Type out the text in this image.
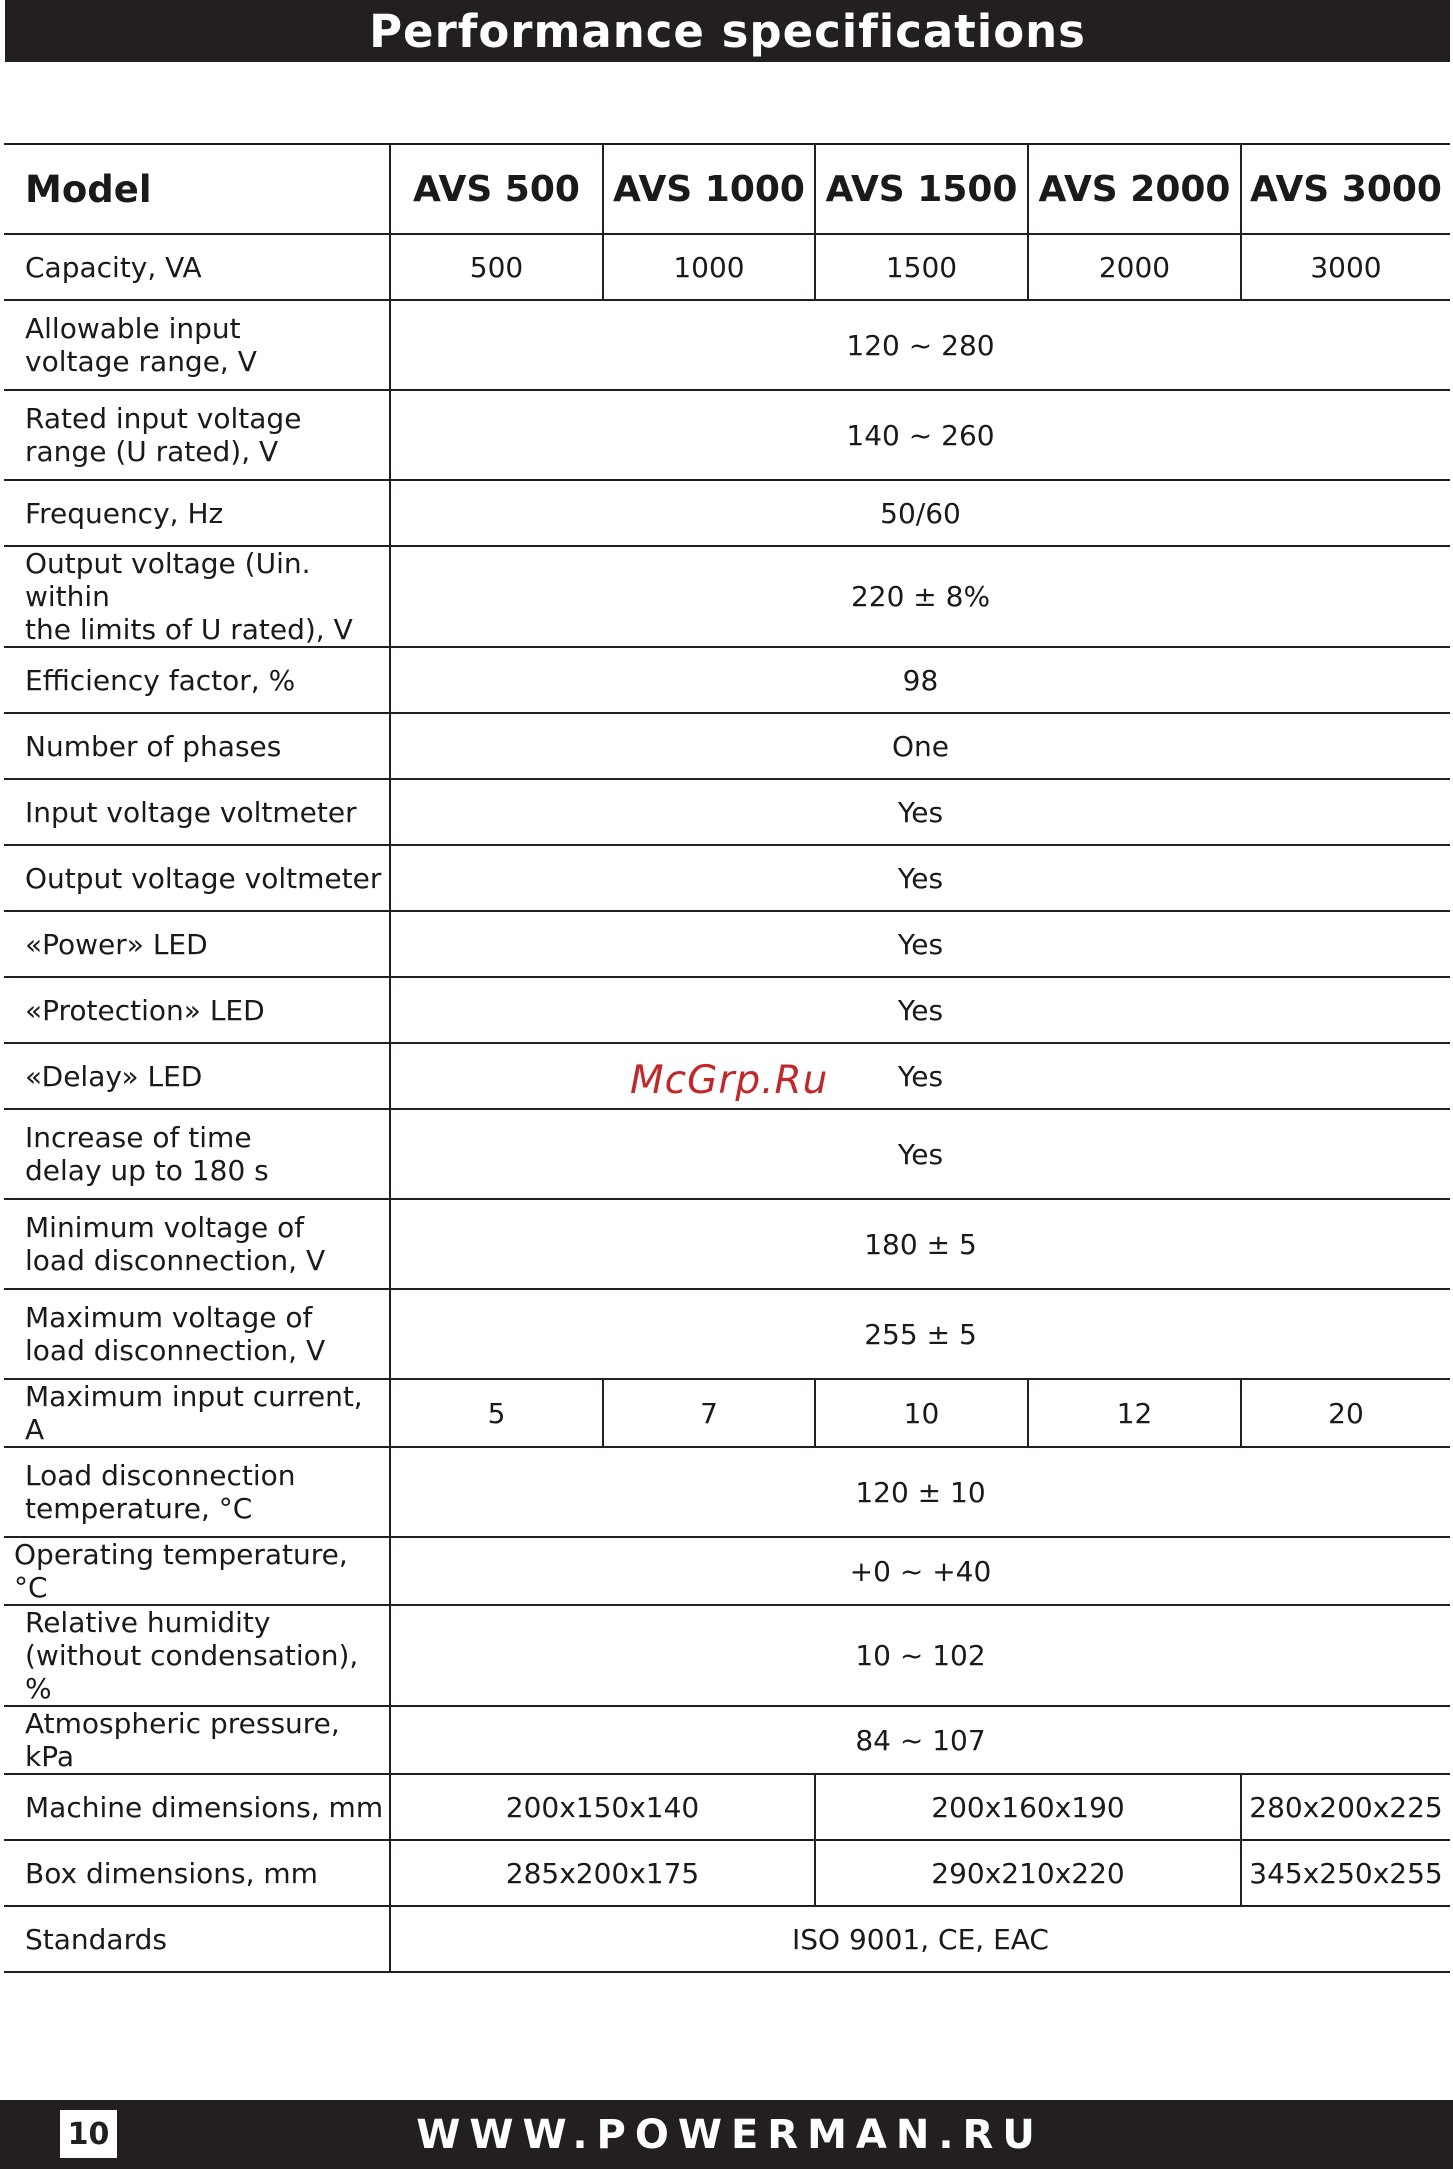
Performance specifications
Model	AVS 500	AVS 1000	AVS 1500	AVS 2000	AVS 3000
Capacity, VA	500	1000	1500	2000	3000
Allowable input
voltage range, V	120 ~ 280				
Rated input voltage
range (U rated), V	140 ~ 260				
Frequency, Hz	50/60				
Output voltage (Uin. within
the limits of U rated), V	220 ± 8%				
Efficiency factor, %	98				
Number of phases	One				
Input voltage voltmeter	Yes				
Output voltage voltmeter	Yes				
«Power» LED	Yes				
«Protection» LED	Yes				
«Delay» LED	Yes				
Increase of time
delay up to 180 s	Yes				
Minimum voltage of
load disconnection, V	180 ± 5				
Maximum voltage of
load disconnection, V	255 ± 5				
Maximum input current, A	5	7	10	12	20
Load disconnection
temperature, °C	120 ± 10				
Operating temperature, °C	+0 ~ +40				
Relative humidity
(without condensation), %	10 ~ 102				
Atmospheric pressure, kPa	84 ~ 107				
Machine dimensions, mm	200x150x140		200x160x190		280x200x225
Box dimensions, mm	285x200x175		290x210x220		345x250x255
Standards	ISO 9001, CE, EAC				
McGrp.Ru
10	WWW.POWERMAN.RU
